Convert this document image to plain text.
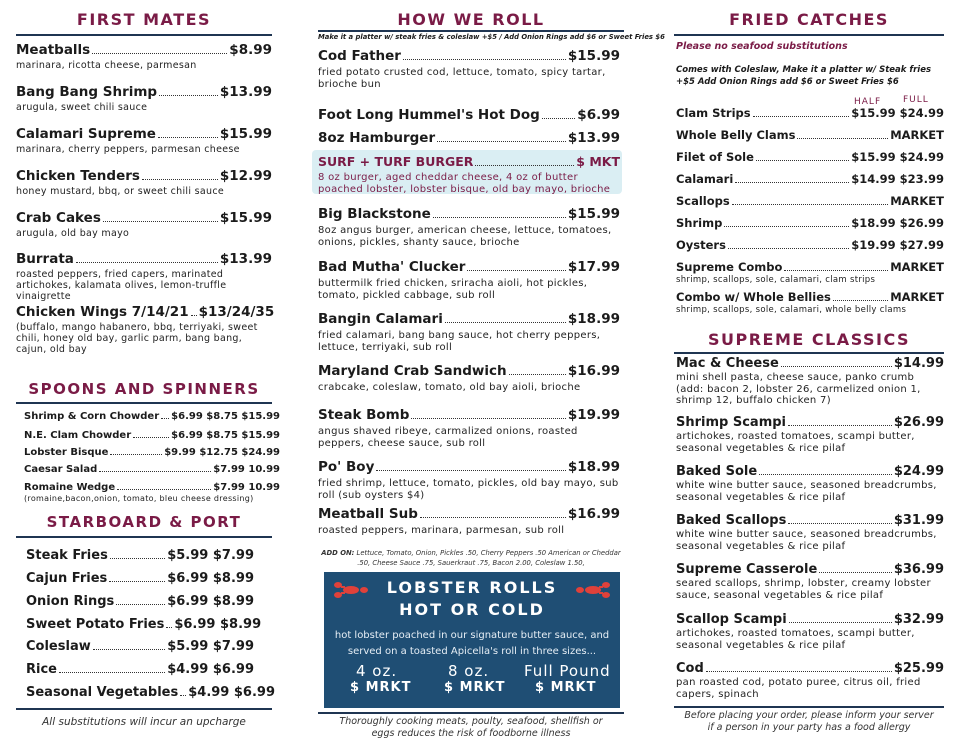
FIRST MATES
Meatballs	$8.99
marinara, ricotta cheese, parmesan
Bang Bang Shrimp	$13.99
arugula, sweet chili sauce
Calamari Supreme	$15.99
marinara, cherry peppers, parmesan cheese
Chicken Tenders	$12.99
honey mustard, bbq, or sweet chili sauce
Crab Cakes	$15.99
arugula, old bay mayo
Burrata	$13.99
roasted peppers, fried capers, marinated artichokes, kalamata olives, lemon-truffle vinaigrette
Chicken Wings 7/14/21 $13/24/35
(buffalo, mango habanero, bbq, terriyaki, sweet chili, honey old bay, garlic parm, bang bang, cajun, old bay
SPOONS AND SPINNERS
Shrimp & Corn Chowder $6.99 $8.75 $15.99
N.E. Clam Chowder	$6.99 $8.75 $15.99
Lobster Bisque	$9.99 $12.75 $24.99
Caesar Salad	$7.99 10.99
Romaine Wedge	$7.99 10.99
(romaine,bacon,onion, tomato, bleu cheese dressing)
STARBOARD & PORT
Steak Fries	$5.99 $7.99
Cajun Fries	$6.99 $8.99
Onion Rings	$6.99 $8.99
Sweet Potato Fries $6.99 $8.99
Coleslaw	$5.99 $7.99
Rice	$4.99 $6.99
Seasonal Vegetables $4.99 $6.99
All substitutions will incur an upcharge
HOW WE ROLL
Make it a platter w/ steak fries & coleslaw +$5 / Add Onion Rings add $6 or Sweet Fries $6
Cod Father	$15.99
fried potato crusted cod, lettuce, tomato, spicy tartar, brioche bun
Foot Long Hummel's Hot Dog	$6.99
8oz Hamburger	$13.99
SURF + TURF BURGER	$ MKT
8 oz burger, aged cheddar cheese, 4 oz of butter poached lobster, lobster bisque, old bay mayo, brioche
Big Blackstone	$15.99
8oz angus burger, american cheese, lettuce, tomatoes, onions, pickles, shanty sauce, brioche
Bad Mutha' Clucker	$17.99
buttermilk fried chicken, sriracha aioli, hot pickles, tomato, pickled cabbage, sub roll
Bangin Calamari	$18.99
fried calamari, bang bang sauce, hot cherry peppers, lettuce, terriyaki, sub roll
Maryland Crab Sandwich	$16.99
crabcake, coleslaw, tomato, old bay aioli, brioche
Steak Bomb	$19.99
angus shaved ribeye, carmalized onions, roasted peppers, cheese sauce, sub roll
Po' Boy	$18.99
fried shrimp, lettuce, tomato, pickles, old bay mayo, sub roll (sub oysters $4)
Meatball Sub	$16.99
roasted peppers, marinara, parmesan, sub roll
ADD ON: Lettuce, Tomato, Onion, Pickles .50, Cherry Peppers .50 American or Cheddar .50, Cheese Sauce .75, Sauerkraut .75, Bacon 2.00, Coleslaw 1.50,
LOBSTER ROLLS
HOT OR COLD
hot lobster poached in our signature butter sauce, and served on a toasted Apicella's roll in three sizes...
4 oz.
$ MRKT
8 oz.
$ MRKT
Full Pound
$ MRKT
Thoroughly cooking meats, poulty, seafood, shellfish or eggs reduces the risk of foodborne illness
FRIED CATCHES
Please no seafood substitutions
Comes with Coleslaw, Make it a platter w/ Steak fries +$5 Add Onion Rings add $6 or Sweet Fries $6
HALF FULL
Clam Strips	$15.99 $24.99
Whole Belly Clams	MARKET
Filet of Sole	$15.99 $24.99
Calamari	$14.99 $23.99
Scallops	MARKET
Shrimp	$18.99 $26.99
Oysters	$19.99 $27.99
Supreme Combo	MARKET
shrimp, scallops, sole, calamari, clam strips
Combo w/ Whole Bellies	MARKET
shrimp, scallops, sole, calamari, whole belly clams
SUPREME CLASSICS
Mac & Cheese	$14.99
mini shell pasta, cheese sauce, panko crumb (add: bacon 2, lobster 26, carmelized onion 1, shrimp 12, buffalo chicken 7)
Shrimp Scampi	$26.99
artichokes, roasted tomatoes, scampi butter, seasonal vegetables & rice pilaf
Baked Sole	$24.99
white wine butter sauce, seasoned breadcrumbs, seasonal vegetables & rice pilaf
Baked Scallops	$31.99
white wine butter sauce, seasoned breadcrumbs, seasonal vegetables & rice pilaf
Supreme Casserole	$36.99
seared scallops, shrimp, lobster, creamy lobster sauce, seasonal vegetables & rice pilaf
Scallop Scampi	$32.99
artichokes, roasted tomatoes, scampi butter, seasonal vegetables & rice pilaf
Cod	$25.99
pan roasted cod, potato puree, citrus oil, fried capers, spinach
Before placing your order, please inform your server if a person in your party has a food allergy
